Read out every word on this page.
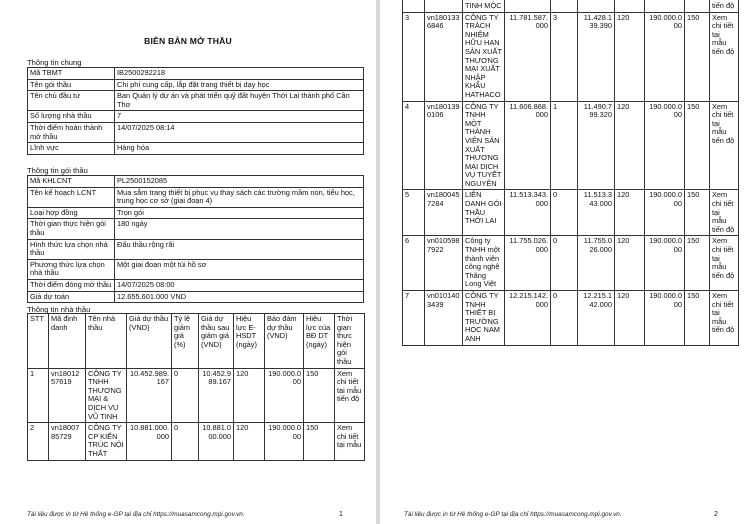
BIÊN BẢN MỞ THẦU
Thông tin chung
Mã TBMT	IB2500292218
Tên gói thầu	Chi phí cung cấp, lắp đặt trang thiết bị dạy học
Tên chủ đầu tư	Ban Quản lý dự án và phát triển quỹ đất huyện Thới Lai thành phố Cần Thơ
Số lượng nhà thầu	7
Thời điểm hoàn thành mở thầu	14/07/2025 08:14
Lĩnh vực	Hàng hóa
Thông tin gói thầu
Mã KHLCNT	PL2500152085
Tên kế hoạch LCNT	Mua sắm trang thiết bị phục vụ thay sách các trường mầm non, tiểu học, trung học cơ sở (giai đoạn 4)
Loại hợp đồng	Trọn gói
Thời gian thực hiện gói thầu	180 ngày
Hình thức lựa chọn nhà thầu	Đấu thầu rộng rãi
Phương thức lựa chọn nhà thầu	Một giai đoạn một túi hồ sơ
Thời điểm đóng mở thầu	14/07/2025 08:00
Giá dự toán	12.655.601.000 VND
Thông tin nhà thầu
STT	Mã định danh	Tên nhà thầu	Giá dự thầu (VND)	Tỷ lệ giảm giá (%)	Giá dự thầu sau giảm giá (VND)	Hiệu lực E-HSDT (ngày)	Bảo đảm dự thầu (VND)	Hiệu lực của BĐ DT (ngày)	Thời gian thực hiện gói thầu
1	vn1801257619	CÔNG TY TNHH THƯƠNG MẠI & DỊCH VỤ VŨ TINH	10.452.989.167	0	10.452.989.167	120	190.000.000	150	Xem chi tiết tại mẫu tiến độ
2	vn1800785729	CÔNG TY CP KIẾN TRÚC NỘI THẤT	10.881.000.000	0	10.881.000.000	120	190.000.000	150	Xem chi tiết tại mẫu
Tài liệu được in từ Hệ thống e-GP tại địa chỉ https://muasamcong.mpi.gov.vn.	1
		TINH MỘC							tiến độ
3	vn1801336846	CÔNG TY TRÁCH NHIỆM HỮU HẠN SẢN XUẤT THƯƠNG MẠI XUẤT NHẬP KHẨU HATHACO	11.781.587.000	3	11.428.139.390	120	190.000.000	150	Xem chi tiết tại mẫu tiến độ
4	vn1801390106	CÔNG TY TNHH MỘT THÀNH VIÊN SẢN XUẤT THƯƠNG MẠI DỊCH VỤ TUYẾT NGUYÊN	11.606.868.000	1	11.490.799.320	120	190.000.000	150	Xem chi tiết tại mẫu tiến độ
5	vn1800457284	LIÊN DANH GÓI THẦU THỚI LAI	11.513.343.000	0	11.513.343.000	120	190.000.000	150	Xem chi tiết tại mẫu tiến độ
6	vn0105987922	Công ty TNHH một thành viên công nghệ Thăng Long Việt	11.755.026.000	0	11.755.026.000	120	190.000.000	150	Xem chi tiết tại mẫu tiến độ
7	vn0101403439	CÔNG TY TNHH THIẾT BỊ TRƯỜNG HỌC NAM ANH	12.215.142.000	0	12.215.142.000	120	190.000.000	150	Xem chi tiết tại mẫu tiến độ
Tài liệu được in từ Hệ thống e-GP tại địa chỉ https://muasamcong.mpi.gov.vn.	2
